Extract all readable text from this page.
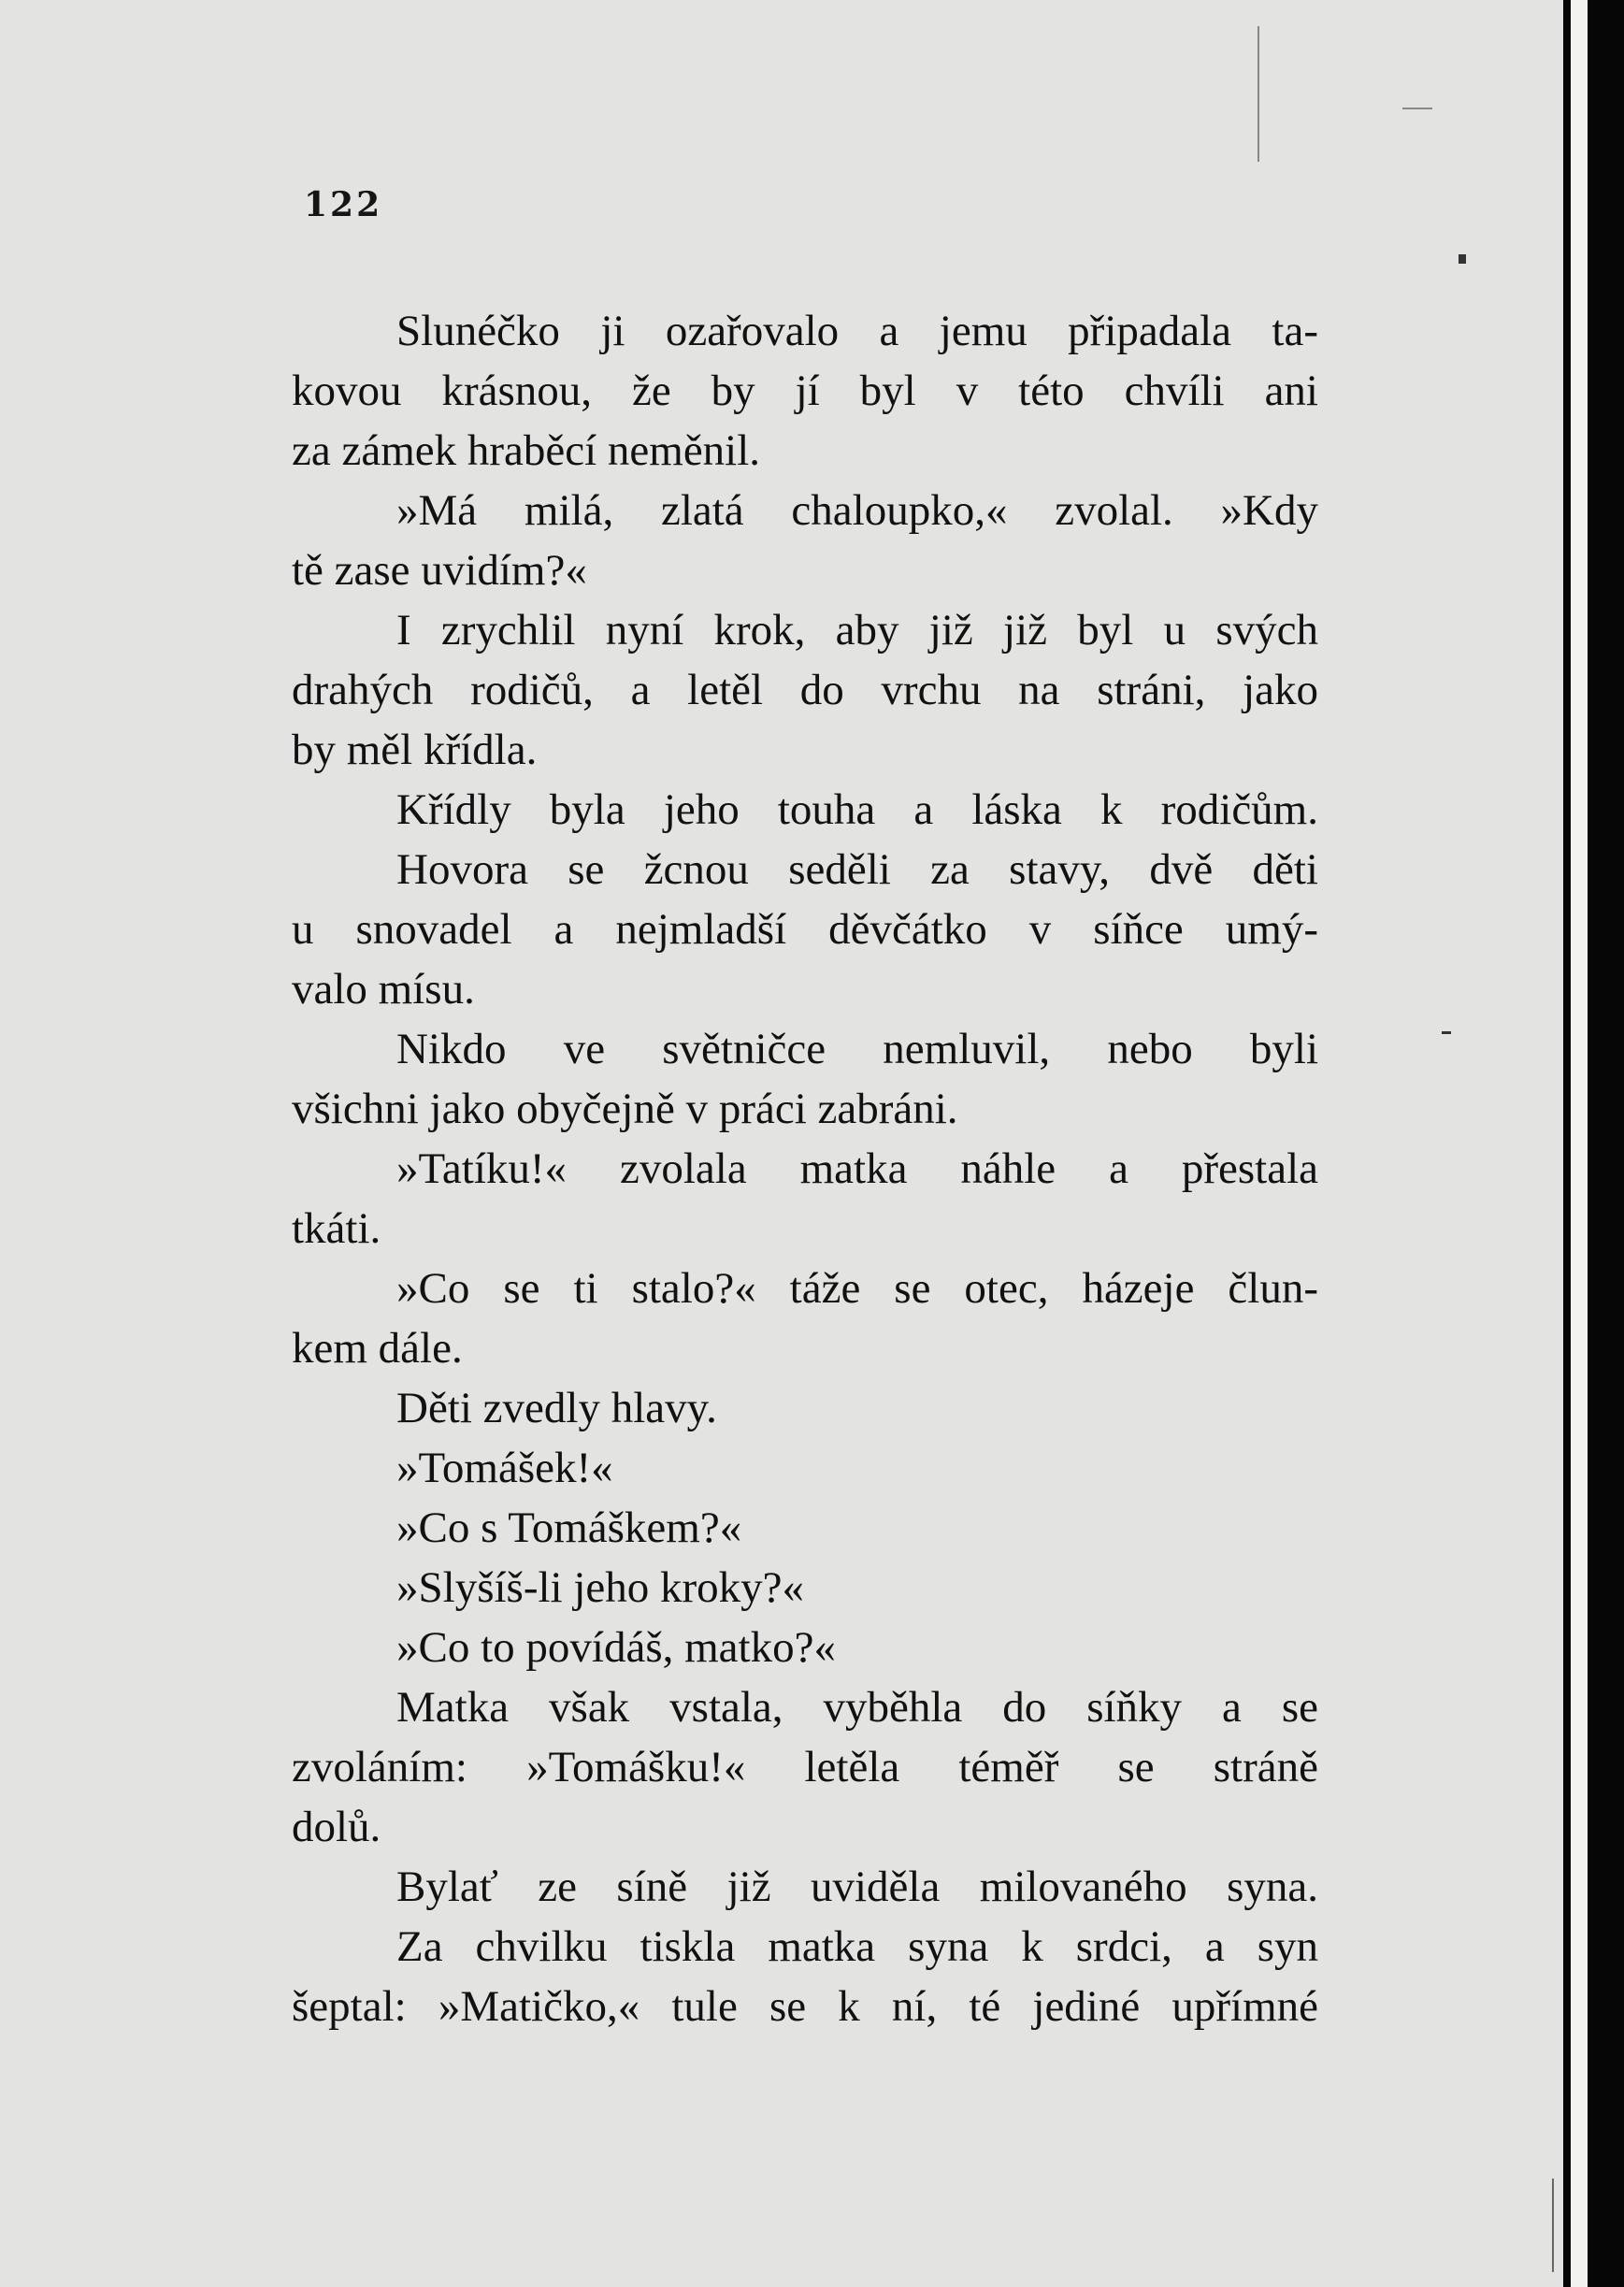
122
Slunéčko ji ozařovalo a jemu připadala ta-
kovou krásnou, že by jí byl v této chvíli ani
za zámek hraběcí neměnil.
»Má milá, zlatá chaloupko,« zvolal. »Kdy
tě zase uvidím?«
I zrychlil nyní krok, aby již již byl u svých
drahých rodičů, a letěl do vrchu na stráni, jako
by měl křídla.
Křídly byla jeho touha a láska k rodičům.
Hovora se žcnou seděli za stavy, dvě děti
u snovadel a nejmladší děvčátko v síňce umý-
valo mísu.
Nikdo ve světničce nemluvil, nebo byli
všichni jako obyčejně v práci zabráni.
»Tatíku!« zvolala matka náhle a přestala
tkáti.
»Co se ti stalo?« táže se otec, házeje člun-
kem dále.
Děti zvedly hlavy.
»Tomášek!«
»Co s Tomáškem?«
»Slyšíš-li jeho kroky?«
»Co to povídáš, matko?«
Matka však vstala, vyběhla do síňky a se
zvoláním: »Tomášku!« letěla téměř se stráně
dolů.
Bylať ze síně již uviděla milovaného syna.
Za chvilku tiskla matka syna k srdci, a syn
šeptal: »Matičko,« tule se k ní, té jediné upřímné
